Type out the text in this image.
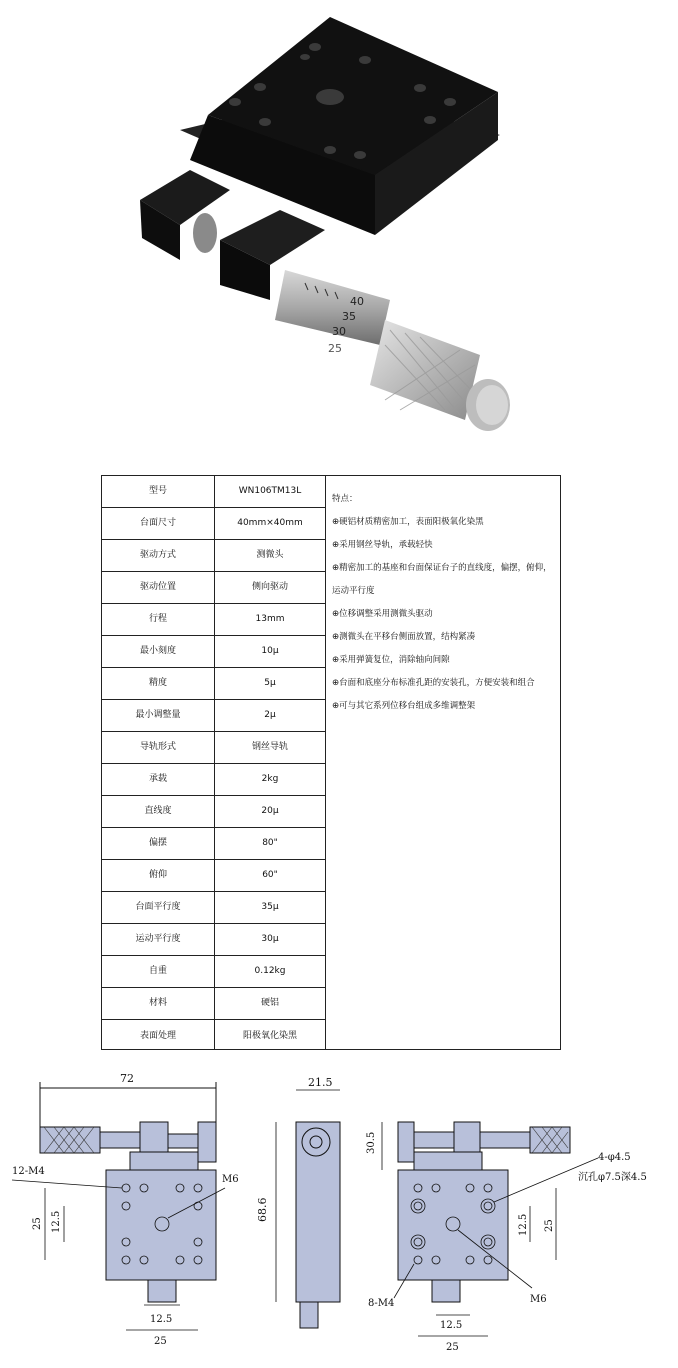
40
35
30
25
型号
台面尺寸
驱动方式
驱动位置
行程
最小刻度
精度
最小调整量
导轨形式
承载
直线度
偏摆
俯仰
台面平行度
运动平行度
自重
材料
表面处理
WN106TM13L
40mm×40mm
测微头
侧向驱动
13mm
10μ
5μ
2μ
钢丝导轨
2kg
20μ
80"
60"
35μ
30μ
0.12kg
硬铝
阳极氧化染黑
特点：
⊕硬铝材质精密加工，表面阳极氧化染黑
⊕采用钢丝导轨，承载轻快
⊕精密加工的基座和台面保证台子的直线度，偏摆，俯仰，运动平行度
⊕位移调整采用测微头驱动
⊕测微头在平移台侧面放置，结构紧凑
⊕采用弹簧复位，消除轴向间隙
⊕台面和底座分布标准孔距的安装孔，方便安装和组合
⊕可与其它系列位移台组成多维调整架
72
12-M4
M6
25 12.5
12.5
25
21.5
68.6
30.5
12.5 25
4-φ4.5
沉孔φ7.5深4.5
M6
8-M4
12.5
25
